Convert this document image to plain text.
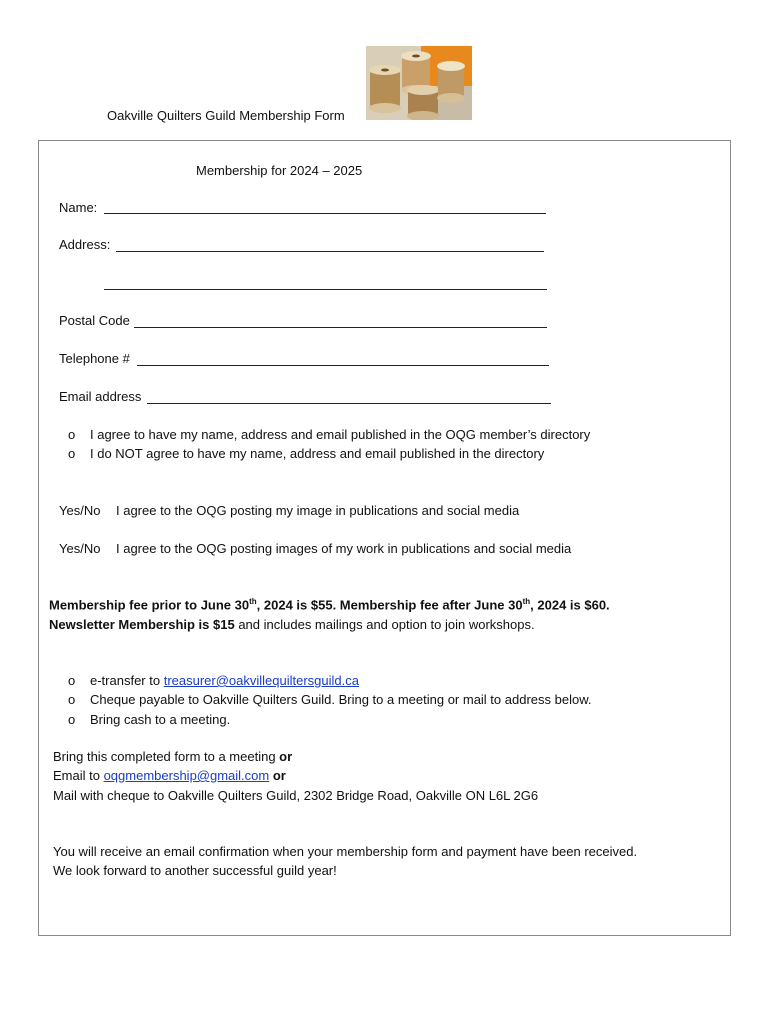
Oakville Quilters Guild Membership Form
Membership for 2024 – 2025
Name:
Address:
Postal Code
Telephone #
Email address
o I agree to have my name, address and email published in the OQG member’s directory
o I do NOT agree to have my name, address and email published in the directory
Yes/No I agree to the OQG posting my image in publications and social media
Yes/No I agree to the OQG posting images of my work in publications and social media
Membership fee prior to June 30th, 2024 is $55. Membership fee after June 30th, 2024 is $60.
Newsletter Membership is $15 and includes mailings and option to join workshops.
o e-transfer to treasurer@oakvillequiltersguild.ca
o Cheque payable to Oakville Quilters Guild. Bring to a meeting or mail to address below.
o Bring cash to a meeting.
Bring this completed form to a meeting or
Email to oqgmembership@gmail.com or
Mail with cheque to Oakville Quilters Guild, 2302 Bridge Road, Oakville ON L6L 2G6
You will receive an email confirmation when your membership form and payment have been received.
We look forward to another successful guild year!
